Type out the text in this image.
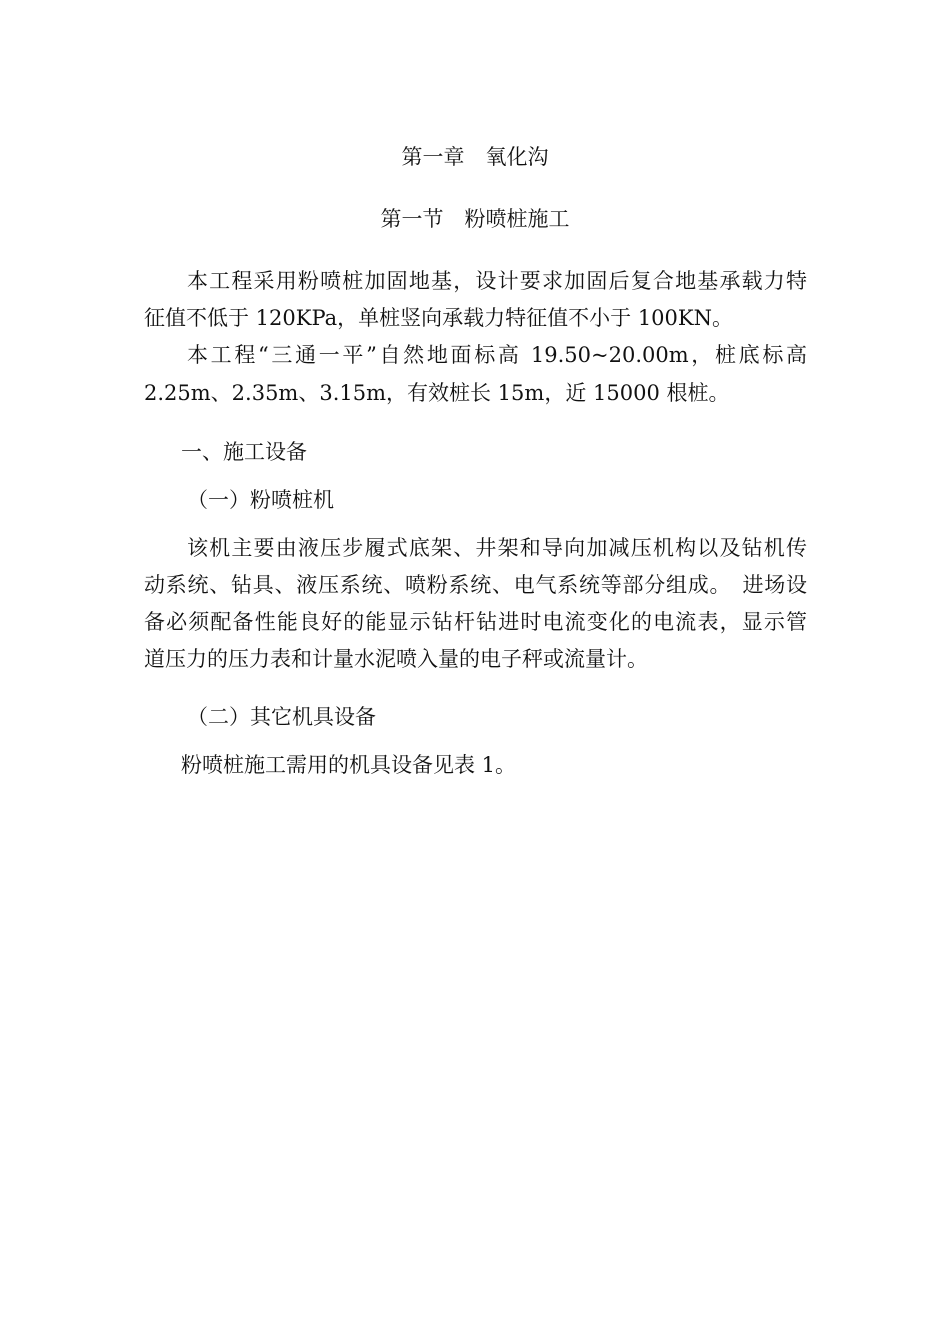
第一章　氧化沟
第一节　粉喷桩施工
本工程采用粉喷桩加固地基，设计要求加固后复合地基承载力特
征值不低于 120KPa，单桩竖向承载力特征值不小于 100KN。
本工程“三通一平”自然地面标高 19.50~20.00m，桩底标高
2.25m、2.35m、3.15m，有效桩长 15m，近 15000 根桩。
一、施工设备
（一）粉喷桩机
该机主要由液压步履式底架、井架和导向加减压机构以及钻机传
动系统、钻具、液压系统、喷粉系统、电气系统等部分组成。　进场设
备必须配备性能良好的能显示钻杆钻进时电流变化的电流表，显示管
道压力的压力表和计量水泥喷入量的电子秤或流量计。
（二）其它机具设备
粉喷桩施工需用的机具设备见表 1。
